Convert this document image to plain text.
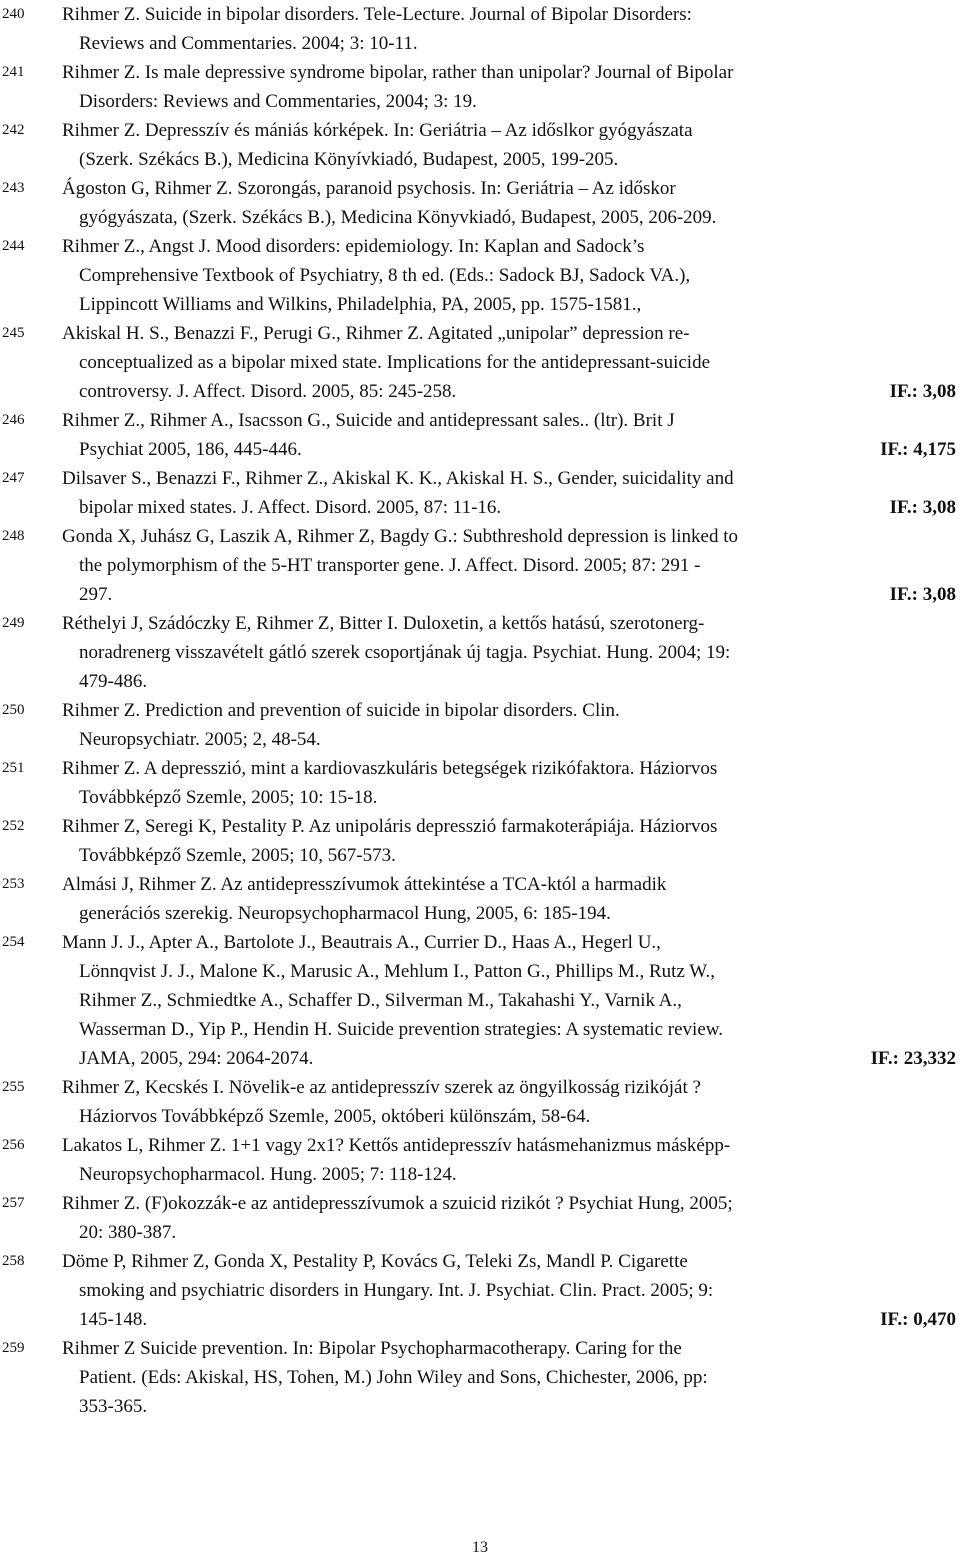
240	Rihmer Z. Suicide in bipolar disorders. Tele-Lecture. Journal of Bipolar Disorders:
Reviews and Commentaries. 2004; 3: 10-11.
241	Rihmer Z. Is male depressive syndrome bipolar, rather than unipolar? Journal of Bipolar
Disorders: Reviews and Commentaries, 2004; 3: 19.
242	Rihmer Z. Depresszív és mániás kórképek. In: Geriátria – Az időslkor gyógyászata
(Szerk. Székács B.), Medicina Könyívkiadó, Budapest, 2005, 199-205.
243	Ágoston G, Rihmer Z. Szorongás, paranoid psychosis. In: Geriátria – Az időskor
gyógyászata, (Szerk. Székács B.), Medicina Könyvkiadó, Budapest, 2005, 206-209.
244	Rihmer Z., Angst J. Mood disorders: epidemiology. In: Kaplan and Sadock’s
Comprehensive Textbook of Psychiatry, 8 th ed. (Eds.: Sadock BJ, Sadock VA.),
Lippincott Williams and Wilkins, Philadelphia, PA, 2005, pp. 1575-1581.,
245	Akiskal H. S., Benazzi F., Perugi G., Rihmer Z. Agitated „unipolar” depression re-
conceptualized as a bipolar mixed state. Implications for the antidepressant-suicide
controversy. J. Affect. Disord. 2005, 85: 245-258.	IF.: 3,08
246	Rihmer Z., Rihmer A., Isacsson G., Suicide and antidepressant sales.. (ltr). Brit J
Psychiat 2005, 186, 445-446.	IF.: 4,175
247	Dilsaver S., Benazzi F., Rihmer Z., Akiskal K. K., Akiskal H. S., Gender, suicidality and
bipolar mixed states. J. Affect. Disord. 2005, 87: 11-16.	IF.: 3,08
248	Gonda X, Juhász G, Laszik A, Rihmer Z, Bagdy G.: Subthreshold depression is linked to
the polymorphism of the 5-HT transporter gene. J. Affect. Disord. 2005; 87: 291 -
297.	IF.: 3,08
249	Réthelyi J, Szádóczky E, Rihmer Z, Bitter I. Duloxetin, a kettős hatású, szerotonerg-
noradrenerg visszavételt gátló szerek csoportjának új tagja. Psychiat. Hung. 2004; 19:
479-486.
250	Rihmer Z. Prediction and prevention of suicide in bipolar disorders. Clin.
Neuropsychiatr. 2005; 2, 48-54.
251	Rihmer Z. A depresszió, mint a kardiovaszkuláris betegségek rizikófaktora. Háziorvos
Továbbképző Szemle, 2005; 10: 15-18.
252	Rihmer Z, Seregi K, Pestality P. Az unipoláris depresszió farmakoterápiája. Háziorvos
Továbbképző Szemle, 2005; 10, 567-573.
253	Almási J, Rihmer Z. Az antidepresszívumok áttekintése a TCA-któl a harmadik
generációs szerekig. Neuropsychopharmacol Hung, 2005, 6: 185-194.
254	Mann J. J., Apter A., Bartolote J., Beautrais A., Currier D., Haas A., Hegerl U.,
Lönnqvist J. J., Malone K., Marusic A., Mehlum I., Patton G., Phillips M., Rutz W.,
Rihmer Z., Schmiedtke A., Schaffer D., Silverman M., Takahashi Y., Varnik A.,
Wasserman D., Yip P., Hendin H. Suicide prevention strategies: A systematic review.
JAMA, 2005, 294: 2064-2074.	IF.: 23,332
255	Rihmer Z, Kecskés I. Növelik-e az antidepresszív szerek az öngyilkosság rizikóját ?
Háziorvos Továbbképző Szemle, 2005, októberi különszám, 58-64.
256	Lakatos L, Rihmer Z. 1+1 vagy 2x1? Kettős antidepresszív hatásmehanizmus másképp-
Neuropsychopharmacol. Hung. 2005; 7: 118-124.
257	Rihmer Z. (F)okozzák-e az antidepresszívumok a szuicid rizikót ? Psychiat Hung, 2005;
20: 380-387.
258	Döme P, Rihmer Z, Gonda X, Pestality P, Kovács G, Teleki Zs, Mandl P. Cigarette
smoking and psychiatric disorders in Hungary. Int. J. Psychiat. Clin. Pract. 2005; 9:
145-148.	IF.: 0,470
259	Rihmer Z Suicide prevention. In: Bipolar Psychopharmacotherapy. Caring for the
Patient. (Eds: Akiskal, HS, Tohen, M.) John Wiley and Sons, Chichester, 2006, pp:
353-365.
13
